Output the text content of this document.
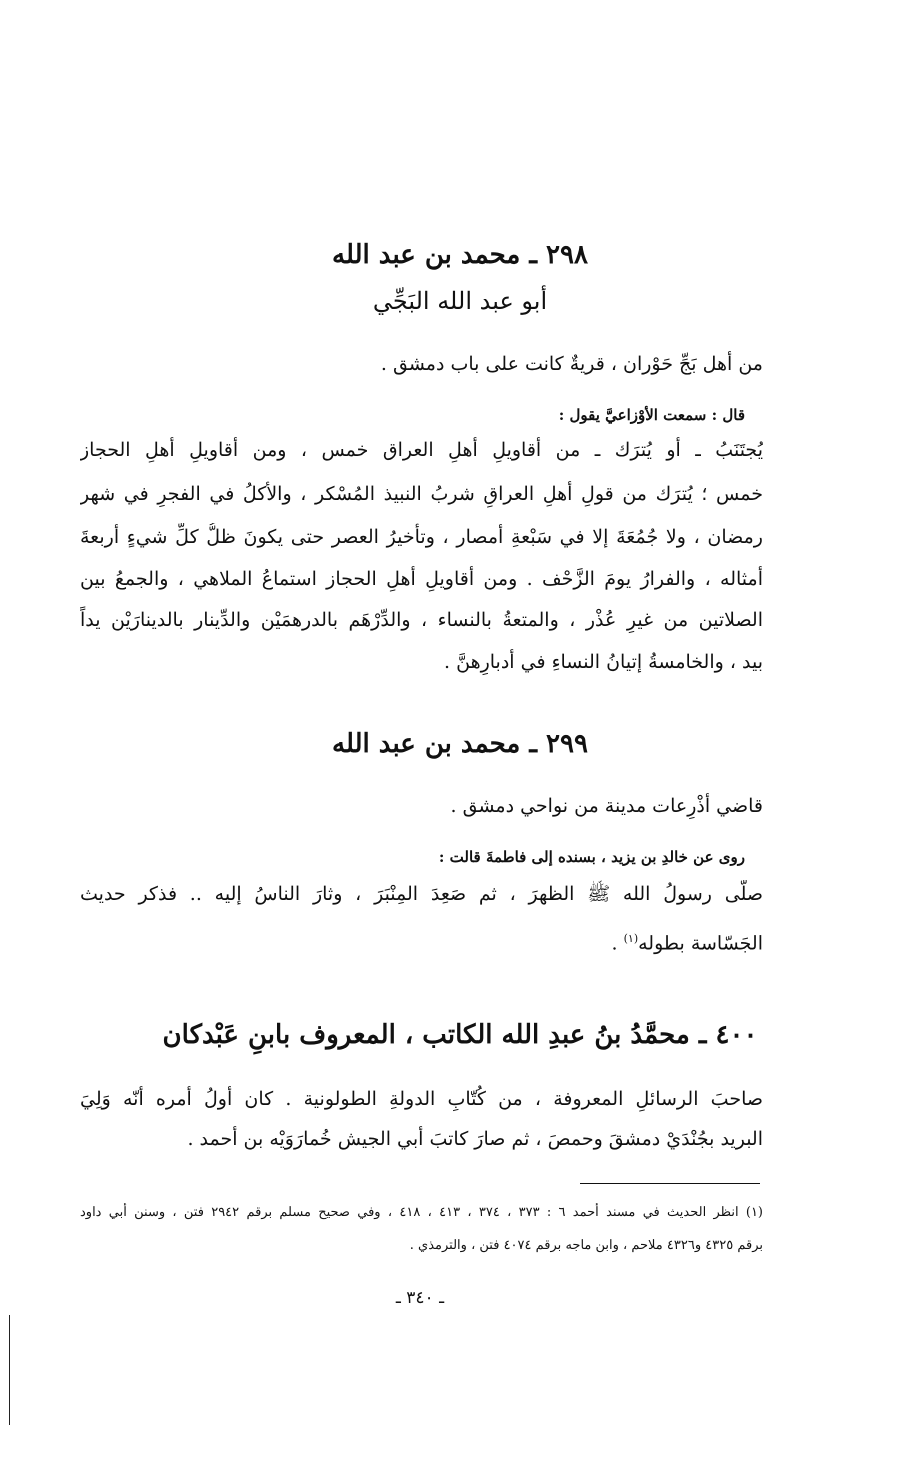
٢٩٨ ـ محمد بن عبد الله
أبو عبد الله البَجِّي
من أهل بَجِّ حَوْران ، قريةٌ كانت على باب دمشق .
قال : سمعت الأوْزاعيَّ يقول :
يُجتَنَبُ ـ أو يُترَك ـ من أقاويلِ أهلِ العراق خمس ، ومن أقاويلِ أهلِ الحجاز
خمس ؛ يُترَك من قولِ أهلِ العراقِ شربُ النبيذ المُسْكر ، والأكلُ في الفجرِ في شهر
رمضان ، ولا جُمُعَةَ إلا في سَبْعةِ أمصار ، وتأخيرُ العصر حتى يكونَ ظلُّ كلِّ شيءٍ أربعةَ
أمثاله ، والفرارُ يومَ الزَّحْف . ومن أقاويلِ أهلِ الحجاز استماعُ الملاهي ، والجمعُ بين
الصلاتين من غيرِ عُذْر ، والمتعةُ بالنساء ، والدِّرْهَم بالدرهمَيْن والدِّينار بالدينارَيْن يداً
بيد ، والخامسةُ إتيانُ النساءِ في أدبارِهنَّ .
٢٩٩ ـ محمد بن عبد الله
قاضي أذْرِعات مدينة من نواحي دمشق .
روى عن خالدِ بن يزيد ، بسنده إلى فاطمةَ قالت :
صلّى رسولُ الله ﷺ الظهرَ ، ثم صَعِدَ المِنْبَرَ ، وثارَ الناسُ إليه .. فذكر حديث
الجَسّاسة بطوله$^{(١)}$ .
٤٠٠ ـ محمَّدُ بنُ عبدِ الله الكاتب ، المعروف بابنِ عَبْدكان
صاحبَ الرسائلِ المعروفة ، من كُتّابِ الدولةِ الطولونية . كان أولُ أمره أنّه وَلِيَ
البريد بجُنْدَيْ دمشقَ وحمصَ ، ثم صارَ كاتبَ أبي الجيش خُمارَوَيْه بن أحمد .
(١) انظر الحديث في مسند أحمد ٦ : ٣٧٣ ، ٣٧٤ ، ٤١٣ ، ٤١٨ ، وفي صحيح مسلم برقم ٢٩٤٢ فتن ، وسنن أبي داود
برقم ٤٣٢٥ و٤٣٢٦ ملاحم ، وابن ماجه برقم ٤٠٧٤ فتن ، والترمذي .
ـ ٣٤٠ ـ
